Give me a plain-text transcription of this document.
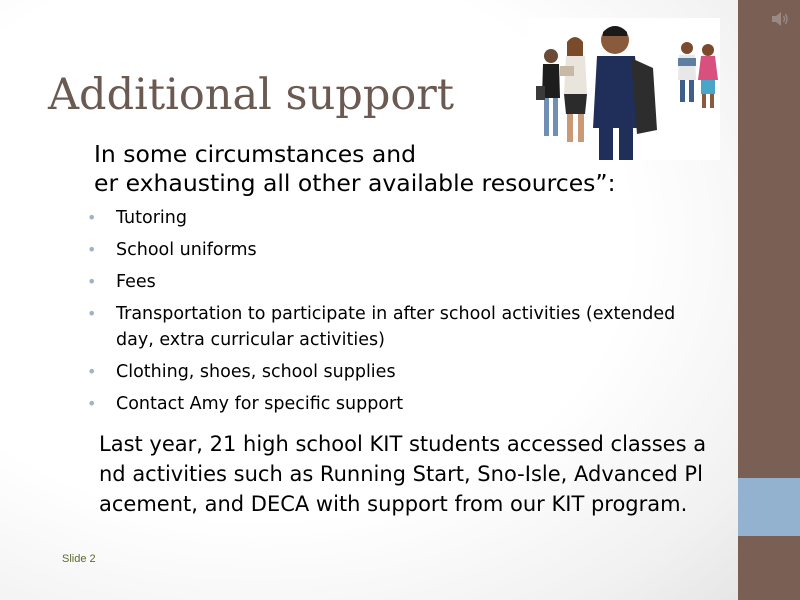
Additional support
In some circumstances and
er exhausting all other available resources”:
• Tutoring
• School uniforms
• Fees
• Transportation to participate in after school activities (extended day, extra curricular activities)
• Clothing, shoes, school supplies
• Contact Amy for specific support
Last year, 21 high school KIT students accessed classes a
nd activities such as Running Start, Sno-Isle, Advanced Pl
acement, and DECA with support from our KIT program.
Slide 2
